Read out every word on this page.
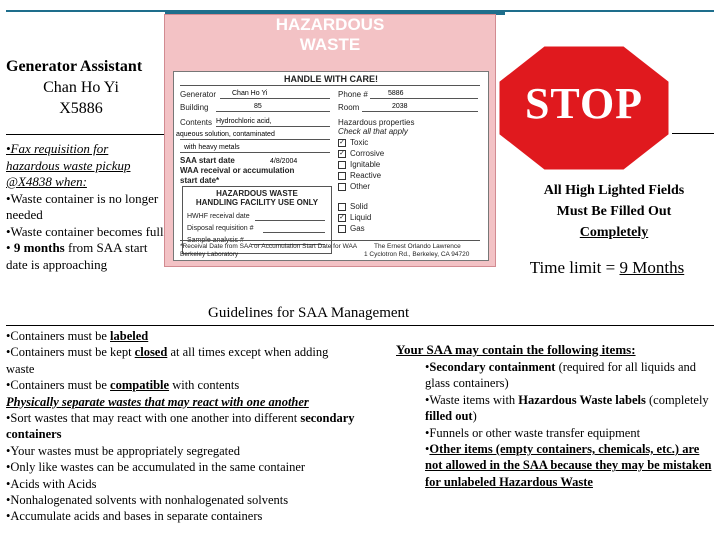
Generator Assistant
Chan Ho Yi
X5886
•Fax requisition for hazardous waste pickup @X4838 when:
•Waste container is no longer needed
•Waste container becomes full
• 9 months from SAA start date is approaching
HAZARDOUS
WASTE
HANDLE WITH CARE!
Generator Chan Ho Yi	Phone #	5886
Building	85	Room	2038
Contents Hydrochloric acid,
aqueous solution, contaminated
with heavy metals
SAA start date	4/8/2004
WAA receival or accumulation
start date*
Hazardous properties
Check all that apply
✓ Toxic
✓ Corrosive
Ignitable
Reactive
Other
HAZARDOUS WASTE
HANDLING FACILITY USE ONLY
HWHF receival date
Disposal requisition #
Sample analysis #
Solid
✓ Liquid
Gas
*Receival Date from SAA or Accumulation Start Date for WAA
Berkeley Laboratory
The Ernest Orlando Lawrence
1 Cyclotron Rd., Berkeley, CA 94720
STOP
All High Lighted Fields
Must Be Filled Out
Completely
Time limit = 9 Months
Guidelines for SAA Management
•Containers must be labeled
•Containers must be kept closed at all times except when adding waste
•Containers must be compatible with contents
Physically separate wastes that may react with one another
•Sort wastes that may react with one another into different secondary containers
•Your wastes must be appropriately segregated
•Only like wastes can be accumulated in the same container
•Acids with Acids
•Nonhalogenated solvents with nonhalogenated solvents
•Accumulate acids and bases in separate containers
Your SAA may contain the following items:
•Secondary containment (required for all liquids and glass containers)
•Waste items with Hazardous Waste labels (completely filled out)
•Funnels or other waste transfer equipment
•Other items (empty containers, chemicals, etc.) are not allowed in the SAA because they may be mistaken for unlabeled Hazardous Waste
